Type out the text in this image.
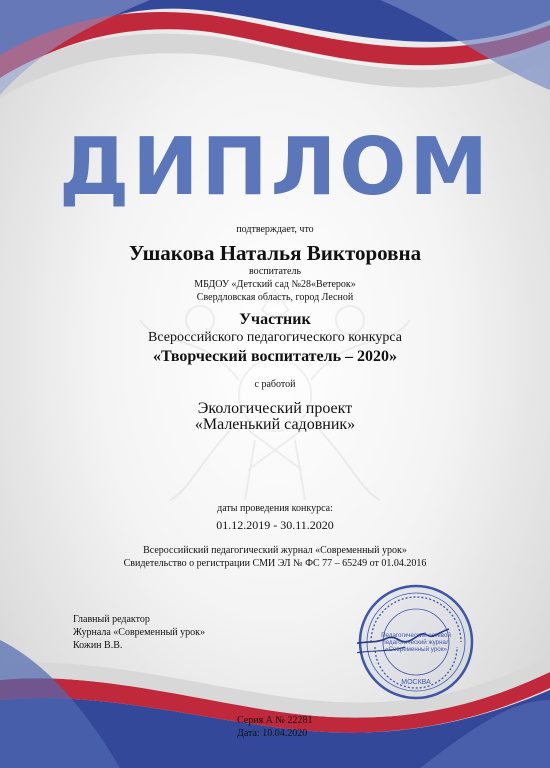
ДИПЛОМ
подтверждает, что
Ушакова Наталья Викторовна
воспитатель
МБДОУ «Детский сад №28«Ветерок»
Свердловская область, город Лесной
Участник
Всероссийского педагогического конкурса
«Творческий воспитатель – 2020»
с работой
Экологический проект
«Маленький садовник»
даты проведения конкурса:
01.12.2019 - 30.11.2020
Всероссийский педагогический журнал «Современный урок»
Свидетельство о регистрации СМИ ЭЛ № ФС 77 – 65249 от 01.04.2016
Главный редактор
Журнала «Современный урок»
Кожин В.В.
Педагогический сетевой
педагогический журнал
«Современный урок»
МОСКВА
Серия А № 22281
Дата: 10.04.2020
